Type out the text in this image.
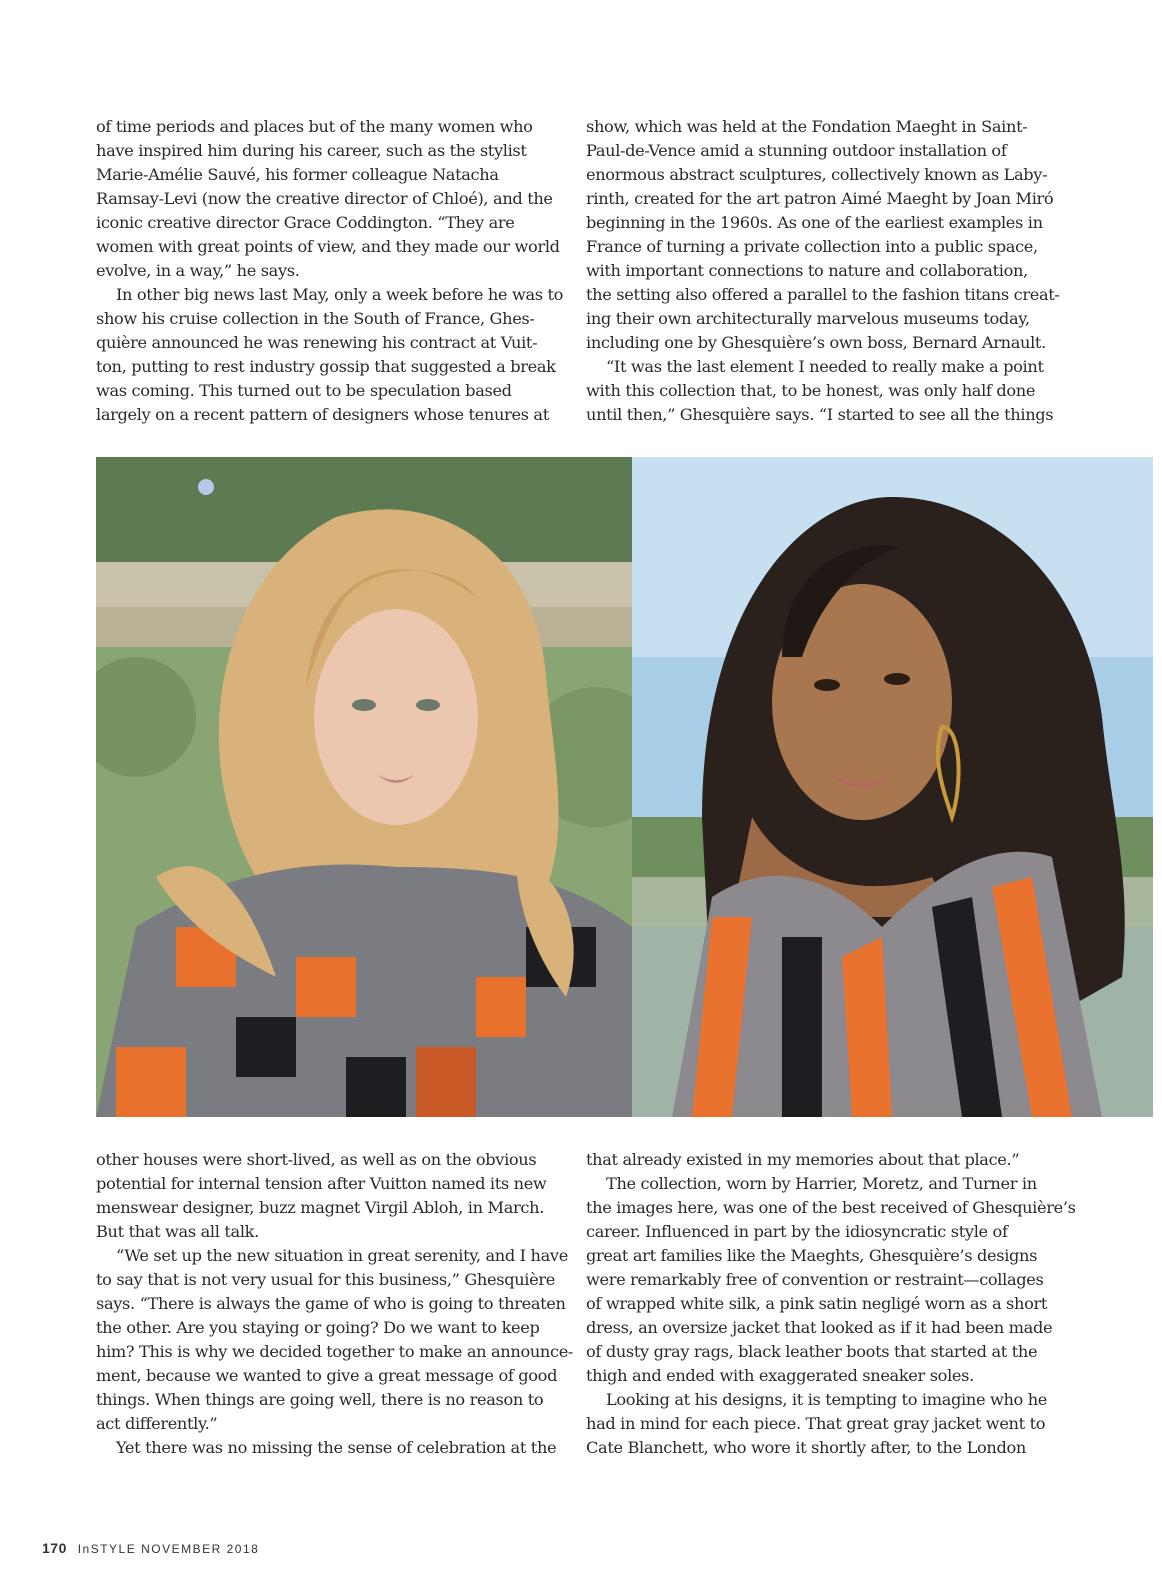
of time periods and places but of the many women who

have inspired him during his career, such as the stylist

Marie-Amélie Sauvé, his former colleague Natacha

Ramsay-Levi (now the creative director of Chloé), and the

iconic creative director Grace Coddington. “They are

women with great points of view, and they made our world

evolve, in a way,” he says.

In other big news last May, only a week before he was to

show his cruise collection in the South of France, Ghes-

quière announced he was renewing his contract at Vuit-

ton, putting to rest industry gossip that suggested a break

was coming. This turned out to be speculation based

largely on a recent pattern of designers whose tenures at

show, which was held at the Fondation Maeght in Saint-

Paul-de-Vence amid a stunning outdoor installation of

enormous abstract sculptures, collectively known as Laby-

rinth, created for the art patron Aimé Maeght by Joan Miró

beginning in the 1960s. As one of the earliest examples in

France of turning a private collection into a public space,

with important connections to nature and collaboration,

the setting also offered a parallel to the fashion titans creat-

ing their own architecturally marvelous museums today,

including one by Ghesquière’s own boss, Bernard Arnault.

“It was the last element I needed to really make a point

with this collection that, to be honest, was only half done

until then,” Ghesquière says. “I started to see all the things

other houses were short-lived, as well as on the obvious

potential for internal tension after Vuitton named its new

menswear designer, buzz magnet Virgil Abloh, in March.

But that was all talk.

“We set up the new situation in great serenity, and I have

to say that is not very usual for this business,” Ghesquière

says. “There is always the game of who is going to threaten

the other. Are you staying or going? Do we want to keep

him? This is why we decided together to make an announce-

ment, because we wanted to give a great message of good

things. When things are going well, there is no reason to

act differently.”

Yet there was no missing the sense of celebration at the

that already existed in my memories about that place.”

The collection, worn by Harrier, Moretz, and Turner in

the images here, was one of the best received of Ghesquière’s

career. Influenced in part by the idiosyncratic style of

great art families like the Maeghts, Ghesquière’s designs

were remarkably free of convention or restraint—collages

of wrapped white silk, a pink satin negligé worn as a short

dress, an oversize jacket that looked as if it had been made

of dusty gray rags, black leather boots that started at the

thigh and ended with exaggerated sneaker soles.

Looking at his designs, it is tempting to imagine who he

had in mind for each piece. That great gray jacket went to

Cate Blanchett, who wore it shortly after, to the London

170 InSTYLE NOVEMBER 2018
